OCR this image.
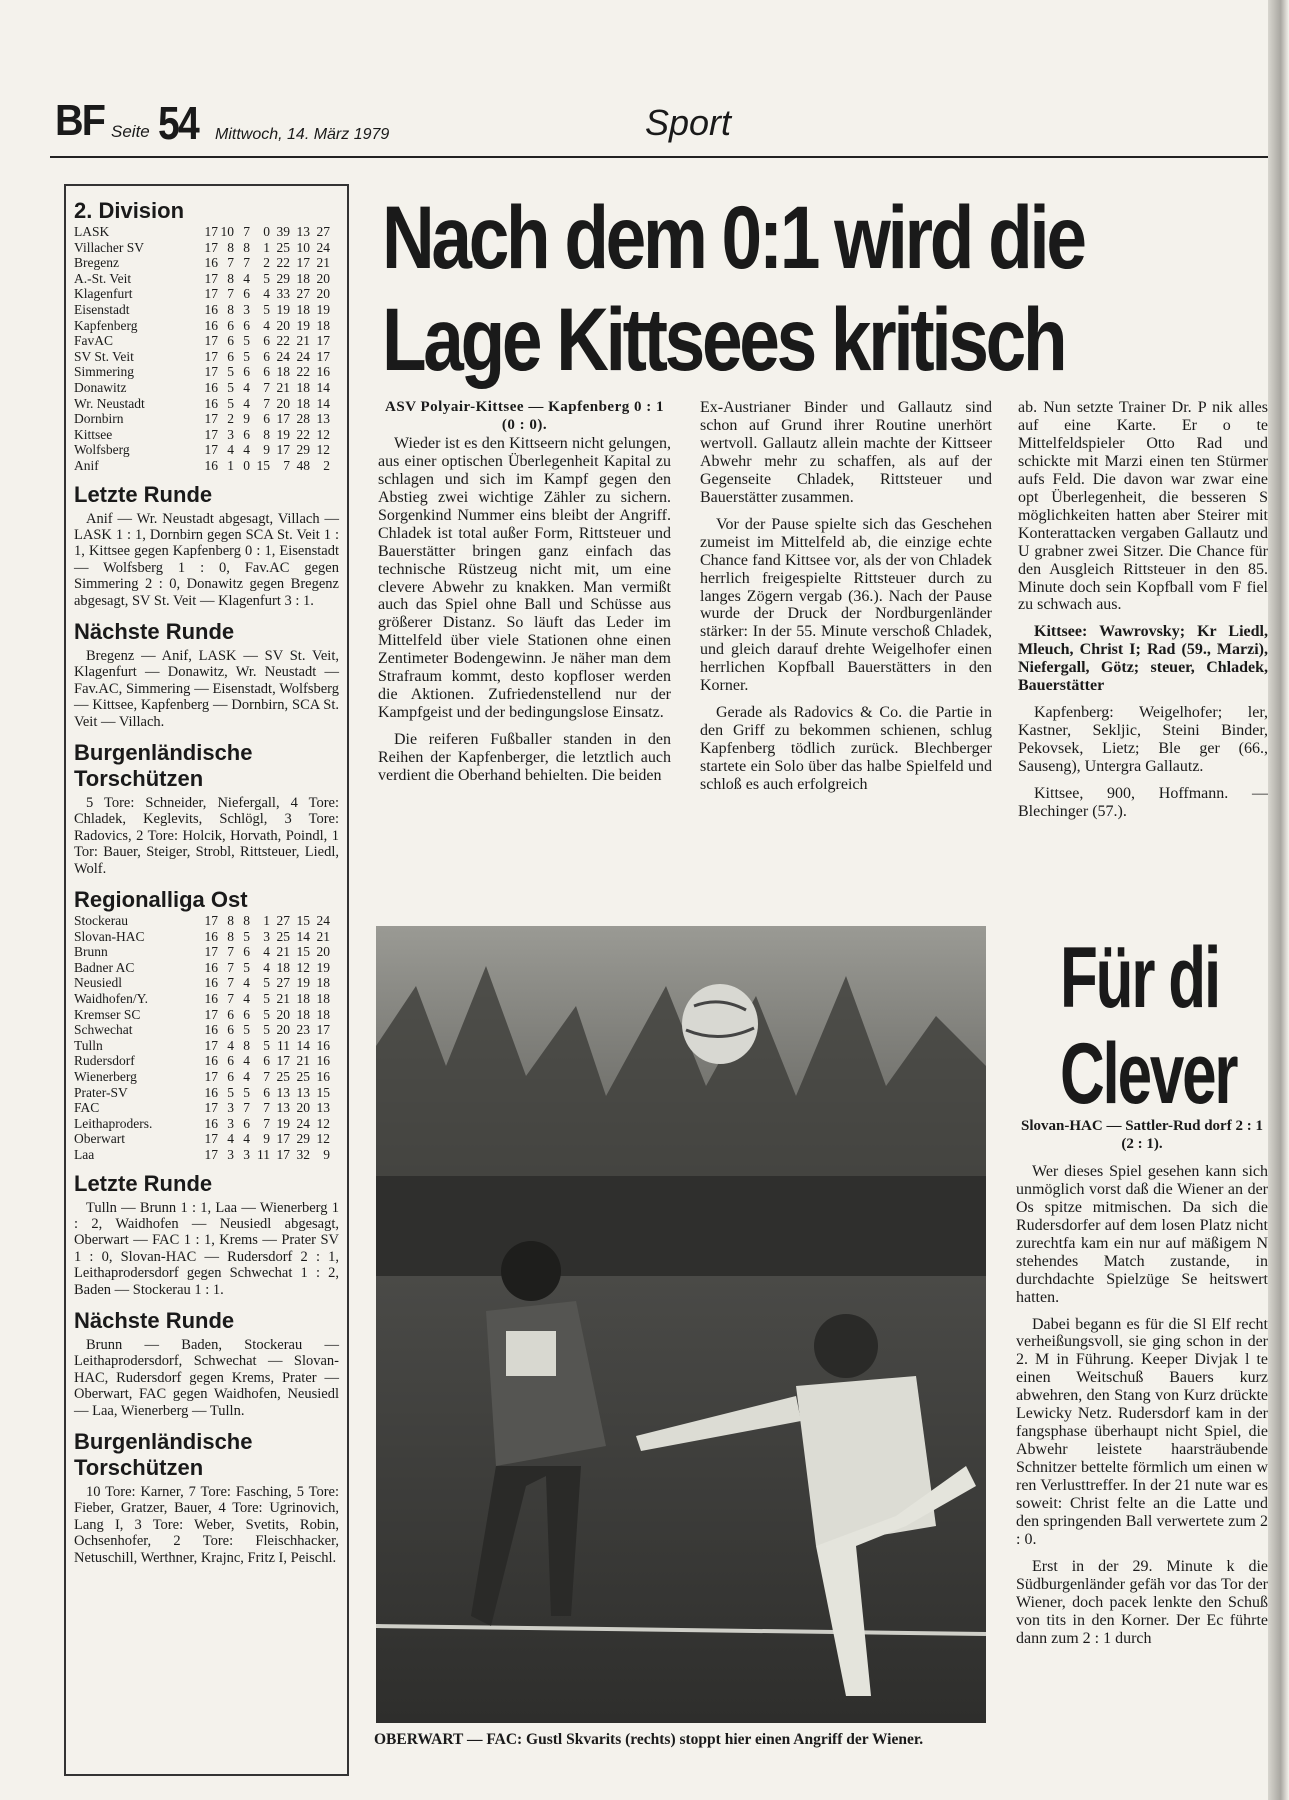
BF Seite 54 Mittwoch, 14. März 1979	Sport
2. Division
LASK	17 10 7 0 39 13 27
Villacher SV	17 8 8 1 25 10 24
Bregenz	16 7 7 2 22 17 21
A.-St. Veit	17 8 4 5 29 18 20
Klagenfurt	17 7 6 4 33 27 20
Eisenstadt	16 8 3 5 19 18 19
Kapfenberg	16 6 6 4 20 19 18
FavAC	17 6 5 6 22 21 17
SV St. Veit	17 6 5 6 24 24 17
Simmering	17 5 6 6 18 22 16
Donawitz	16 5 4 7 21 18 14
Wr. Neustadt	16 5 4 7 20 18 14
Dornbirn	17 2 9 6 17 28 13
Kittsee	17 3 6 8 19 22 12
Wolfsberg	17 4 4 9 17 29 12
Anif	16 1 0 15 7 48 2
Letzte Runde
Anif — Wr. Neustadt abgesagt, Villach — LASK 1 : 1, Dornbirn gegen SCA St. Veit 1 : 1, Kittsee gegen Kapfenberg 0 : 1, Eisenstadt — Wolfsberg 1 : 0, Fav.AC gegen Simmering 2 : 0, Donawitz gegen Bregenz abgesagt, SV St. Veit — Klagenfurt 3 : 1.
Nächste Runde
Bregenz — Anif, LASK — SV St. Veit, Klagenfurt — Donawitz, Wr. Neustadt — Fav.AC, Simmering — Eisenstadt, Wolfsberg — Kittsee, Kapfenberg — Dornbirn, SCA St. Veit — Villach.
Burgenländische Torschützen
5 Tore: Schneider, Niefergall, 4 Tore: Chladek, Keglevits, Schlögl, 3 Tore: Radovics, 2 Tore: Holcik, Horvath, Poindl, 1 Tor: Bauer, Steiger, Strobl, Rittsteuer, Liedl, Wolf.
Regionalliga Ost
Stockerau	17 8 8 1 27 15 24
Slovan-HAC	16 8 5 3 25 14 21
Brunn	17 7 6 4 21 15 20
Badner AC	16 7 5 4 18 12 19
Neusiedl	16 7 4 5 27 19 18
Waidhofen/Y.	16 7 4 5 21 18 18
Kremser SC	17 6 6 5 20 18 18
Schwechat	16 6 5 5 20 23 17
Tulln	17 4 8 5 11 14 16
Rudersdorf	16 6 4 6 17 21 16
Wienerberg	17 6 4 7 25 25 16
Prater-SV	16 5 5 6 13 13 15
FAC	17 3 7 7 13 20 13
Leithaproders.	16 3 6 7 19 24 12
Oberwart	17 4 4 9 17 29 12
Laa	17 3 3 11 17 32 9
Letzte Runde
Tulln — Brunn 1 : 1, Laa — Wienerberg 1 : 2, Waidhofen — Neusiedl abgesagt, Oberwart — FAC 1 : 1, Krems — Prater SV 1 : 0, Slovan-HAC — Rudersdorf 2 : 1, Leithaprodersdorf gegen Schwechat 1 : 2, Baden — Stockerau 1 : 1.
Nächste Runde
Brunn — Baden, Stockerau — Leithaprodersdorf, Schwechat — Slovan-HAC, Rudersdorf gegen Krems, Prater — Oberwart, FAC gegen Waidhofen, Neusiedl — Laa, Wienerberg — Tulln.
Burgenländische Torschützen
10 Tore: Karner, 7 Tore: Fasching, 5 Tore: Fieber, Gratzer, Bauer, 4 Tore: Ugrinovich, Lang I, 3 Tore: Weber, Svetits, Robin, Ochsenhofer, 2 Tore: Fleischhacker, Netuschill, Werthner, Krajnc, Fritz I, Peischl.
Nach dem 0:1 wird die
Lage Kittsees kritisch

ASV Polyair-Kittsee — Kapfenberg 0 : 1 (0 : 0).

Wieder ist es den Kittseern nicht gelungen, aus einer optischen Überlegenheit Kapital zu schlagen und sich im Kampf gegen den Abstieg zwei wichtige Zähler zu sichern. Sorgenkind Nummer eins bleibt der Angriff. Chladek ist total außer Form, Rittsteuer und Bauerstätter bringen ganz einfach das technische Rüstzeug nicht mit, um eine clevere Abwehr zu knakken. Man vermißt auch das Spiel ohne Ball und Schüsse aus größerer Distanz. So läuft das Leder im Mittelfeld über viele Stationen ohne einen Zentimeter Bodengewinn. Je näher man dem Strafraum kommt, desto kopfloser werden die Aktionen. Zufriedenstellend nur der Kampfgeist und der bedingungslose Einsatz.

Die reiferen Fußballer standen in den Reihen der Kapfenberger, die letztlich auch verdient die Oberhand behielten. Die beiden

Ex-Austrianer Binder und Gallautz sind schon auf Grund ihrer Routine unerhört wertvoll. Gallautz allein machte der Kittseer Abwehr mehr zu schaffen, als auf der Gegenseite Chladek, Rittsteuer und Bauerstätter zusammen.

Vor der Pause spielte sich das Geschehen zumeist im Mittelfeld ab, die einzige echte Chance fand Kittsee vor, als der von Chladek herrlich freigespielte Rittsteuer durch zu langes Zögern vergab (36.). Nach der Pause wurde der Druck der Nordburgenländer stärker: In der 55. Minute verschoß Chladek, und gleich darauf drehte Weigelhofer einen herrlichen Kopfball Bauerstätters in den Korner.

Gerade als Radovics & Co. die Partie in den Griff zu bekommen schienen, schlug Kapfenberg tödlich zurück. Blechberger startete ein Solo über das halbe Spielfeld und schloß es auch erfolgreich

ab. Nun setzte Trainer Dr. P nik alles auf eine Karte. Er o te Mittelfeldspieler Otto Rad und schickte mit Marzi einen ten Stürmer aufs Feld. Die davon war zwar eine opt Überlegenheit, die besseren S möglichkeiten hatten aber Steirer mit Konterattacken vergaben Gallautz und U grabner zwei Sitzer. Die Chance für den Ausgleich Rittsteuer in den 85. Minute doch sein Kopfball vom F fiel zu schwach aus.

Kittsee: Wawrovsky; Kr Liedl, Mleuch, Christ I; Rad (59., Marzi), Niefergall, Götz; steuer, Chladek, Bauerstätter

Kapfenberg: Weigelhofer; ler, Kastner, Sekljic, Steini Binder, Pekovsek, Lietz; Ble ger (66., Sauseng), Untergra Gallautz.

Kittsee, 900, Hoffmann. — Blechinger (57.).

OBERWART — FAC: Gustl Skvarits (rechts) stoppt hier einen Angriff der Wiener.
Für di
Clever

Slovan-HAC — Sattler-Rud dorf 2 : 1 (2 : 1).

Wer dieses Spiel gesehen kann sich unmöglich vorst daß die Wiener an der Os spitze mitmischen. Da sich die Rudersdorfer auf dem losen Platz nicht zurechtfa kam ein nur auf mäßigem N stehendes Match zustande, in durchdachte Spielzüge Se heitswert hatten.

Dabei begann es für die Sl Elf recht verheißungsvoll, sie ging schon in der 2. M in Führung. Keeper Divjak l te einen Weitschuß Bauers kurz abwehren, den Stang von Kurz drückte Lewicky Netz. Rudersdorf kam in der fangsphase überhaupt nicht Spiel, die Abwehr leistete haarsträubende Schnitzer bettelte förmlich um einen w ren Verlusttreffer. In der 21 nute war es soweit: Christ felte an die Latte und den springenden Ball verwertete zum 2 : 0.

Erst in der 29. Minute k die Südburgenländer gefäh vor das Tor der Wiener, doch pacek lenkte den Schuß von tits in den Korner. Der Ec führte dann zum 2 : 1 durch
